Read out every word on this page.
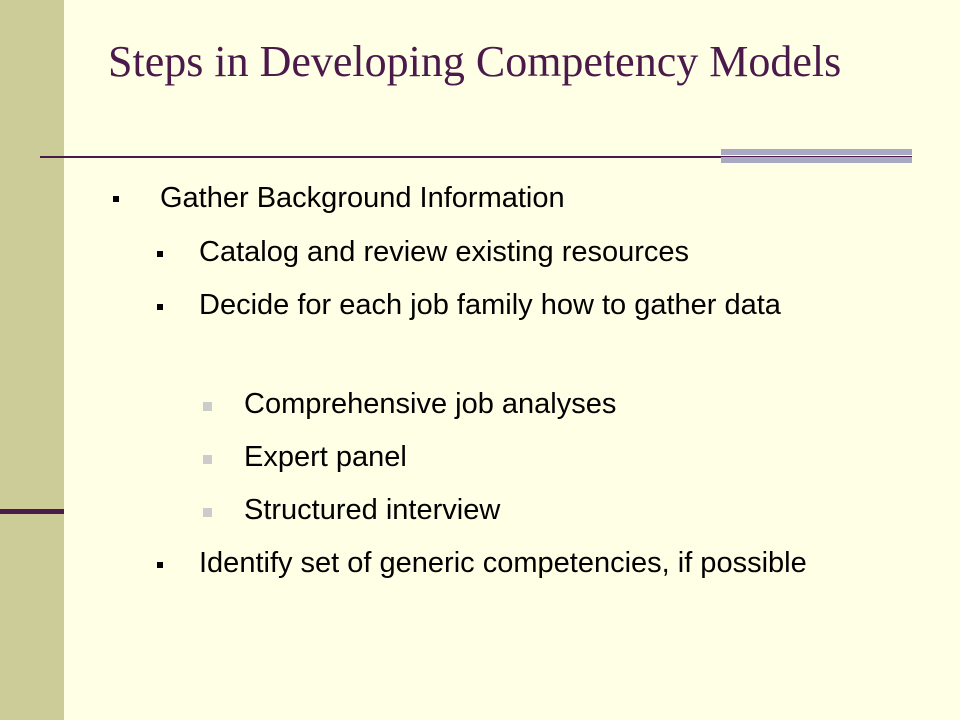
Steps in Developing Competency Models
Gather Background Information
Catalog and review existing resources
Decide for each job family how to gather data
Comprehensive job analyses
Expert panel
Structured interview
Identify set of generic competencies, if possible
